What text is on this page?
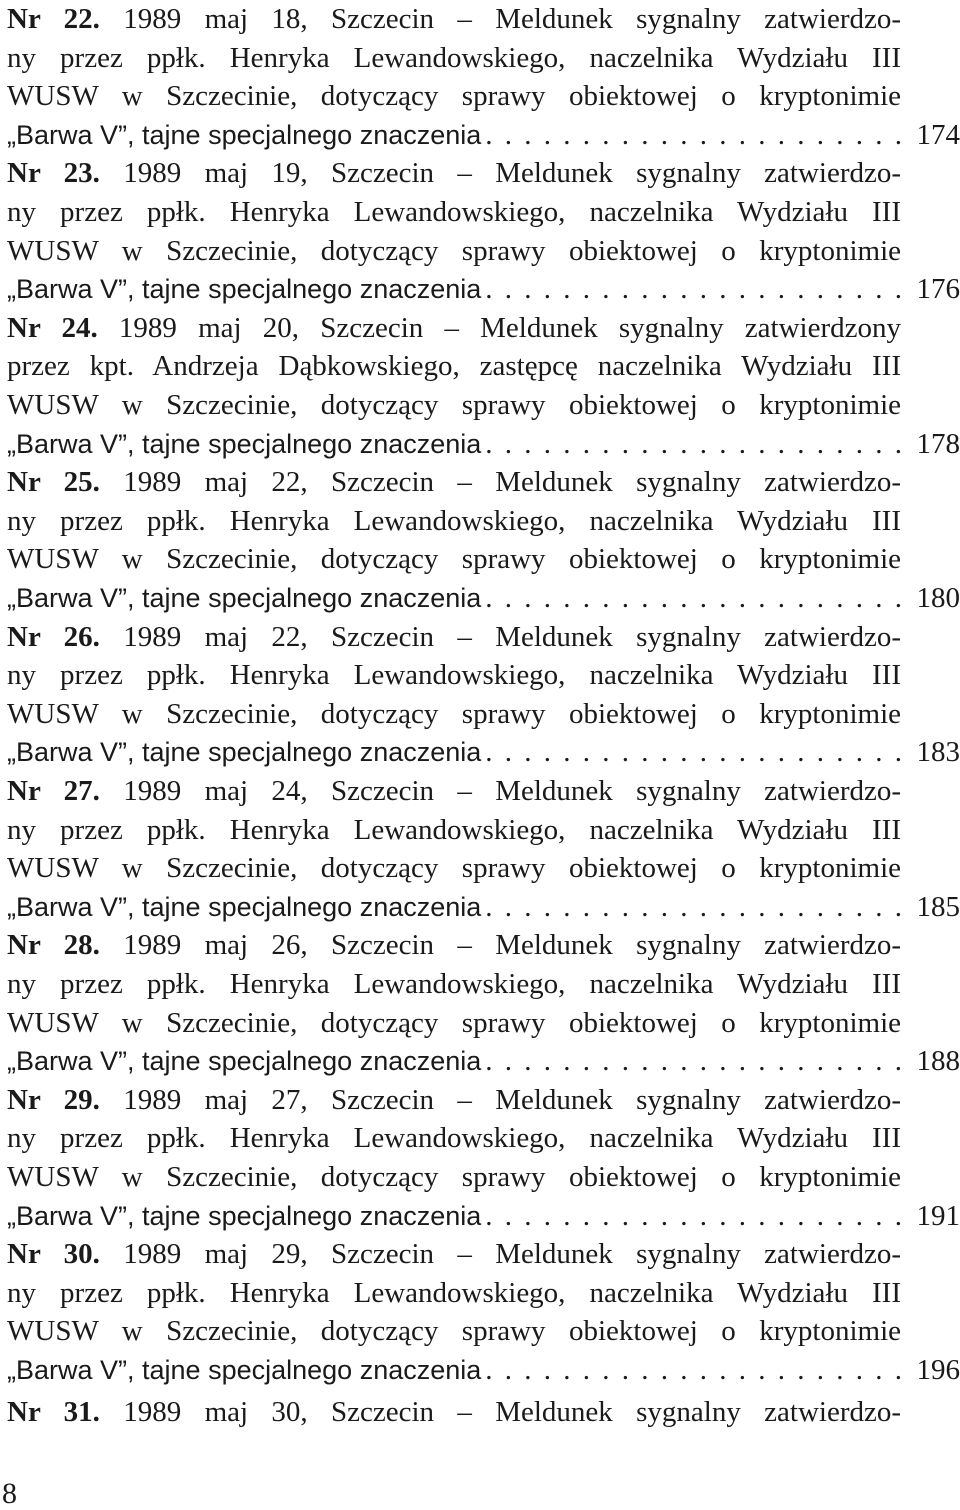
Nr 22. 1989 maj 18, Szczecin – Meldunek sygnalny zatwierdzo-
ny przez ppłk. Henryka Lewandowskiego, naczelnika Wydziału III
WUSW w Szczecinie, dotyczący sprawy obiektowej o kryptonimie
„Barwa V”, tajne specjalnego znaczenia . . .	174
Nr 23. 1989 maj 19, Szczecin – Meldunek sygnalny zatwierdzo-
ny przez ppłk. Henryka Lewandowskiego, naczelnika Wydziału III
WUSW w Szczecinie, dotyczący sprawy obiektowej o kryptonimie
„Barwa V”, tajne specjalnego znaczenia . . .	176
Nr 24. 1989 maj 20, Szczecin – Meldunek sygnalny zatwierdzony
przez kpt. Andrzeja Dąbkowskiego, zastępcę naczelnika Wydziału III
WUSW w Szczecinie, dotyczący sprawy obiektowej o kryptonimie
„Barwa V”, tajne specjalnego znaczenia . . .	178
Nr 25. 1989 maj 22, Szczecin – Meldunek sygnalny zatwierdzo-
ny przez ppłk. Henryka Lewandowskiego, naczelnika Wydziału III
WUSW w Szczecinie, dotyczący sprawy obiektowej o kryptonimie
„Barwa V”, tajne specjalnego znaczenia . . .	180
Nr 26. 1989 maj 22, Szczecin – Meldunek sygnalny zatwierdzo-
ny przez ppłk. Henryka Lewandowskiego, naczelnika Wydziału III
WUSW w Szczecinie, dotyczący sprawy obiektowej o kryptonimie
„Barwa V”, tajne specjalnego znaczenia . . .	183
Nr 27. 1989 maj 24, Szczecin – Meldunek sygnalny zatwierdzo-
ny przez ppłk. Henryka Lewandowskiego, naczelnika Wydziału III
WUSW w Szczecinie, dotyczący sprawy obiektowej o kryptonimie
„Barwa V”, tajne specjalnego znaczenia . . .	185
Nr 28. 1989 maj 26, Szczecin – Meldunek sygnalny zatwierdzo-
ny przez ppłk. Henryka Lewandowskiego, naczelnika Wydziału III
WUSW w Szczecinie, dotyczący sprawy obiektowej o kryptonimie
„Barwa V”, tajne specjalnego znaczenia . . .	188
Nr 29. 1989 maj 27, Szczecin – Meldunek sygnalny zatwierdzo-
ny przez ppłk. Henryka Lewandowskiego, naczelnika Wydziału III
WUSW w Szczecinie, dotyczący sprawy obiektowej o kryptonimie
„Barwa V”, tajne specjalnego znaczenia . . .	191
Nr 30. 1989 maj 29, Szczecin – Meldunek sygnalny zatwierdzo-
ny przez ppłk. Henryka Lewandowskiego, naczelnika Wydziału III
WUSW w Szczecinie, dotyczący sprawy obiektowej o kryptonimie
„Barwa V”, tajne specjalnego znaczenia . . .	196
Nr 31. 1989 maj 30, Szczecin – Meldunek sygnalny zatwierdzo-
8
